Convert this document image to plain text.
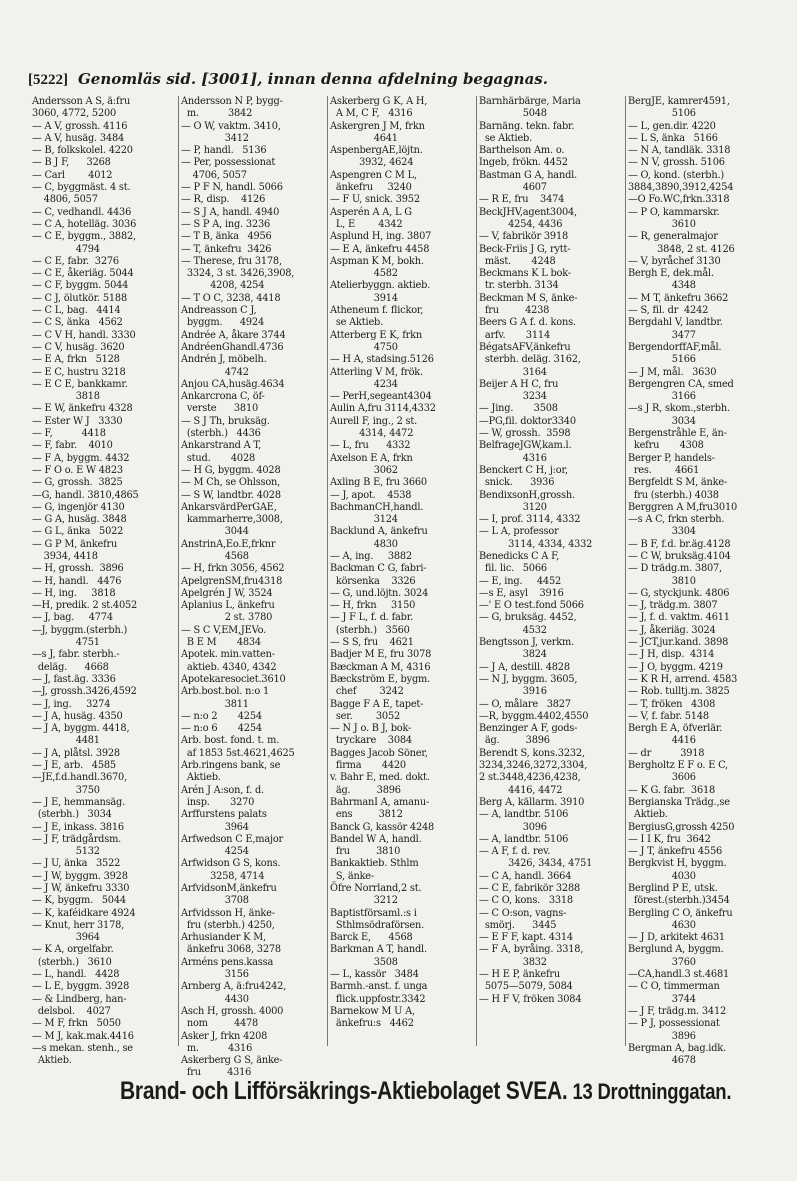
[5222] Genomläs sid. [3001], innan denna afdelning begagnas.
Andersson A S, ä:fru
3060, 4772, 5200
— A V, grossh. 4116
— A V, husäg. 3484
— B, folkskolel. 4220
— B J F,      3268
— Carl        4012
— C, byggmäst. 4 st.
4806, 5057
— C, vedhandl. 4436
— C A, hotelläg. 3036
— C E, byggm., 3882,
4794
— C E, fabr.  3276
— C E, åkeriäg. 5044
— C F, byggm. 5044
— C J, ölutkör. 5188
— C L, bag.   4414
— C S, änka   4562
— C V H, handl. 3330
— C V, husäg. 3620
— E A, frkn   5128
— E C, hustru 3218
— E C E, bankkamr.
3818
— E W, änkefru 4328
— Ester W J   3330
— F,          4418
— F, fabr.    4010
— F A, byggm. 4432
— F O o. E W 4823
— G, grossh.  3825
—G, handl. 3810,4865
— G, ingenjör 4130
— G A, husäg. 3848
— G L, änka   5022
— G P M, änkefru
3934, 4418
— H, grossh.  3896
— H, handl.   4476
— H, ing.     3818
—H, predik. 2 st.4052
— J, bag.     4774
—J, byggm.(sterbh.)
4751
—s J, fabr. sterbh.-
deläg.      4668
— J, fast.äg. 3336
—J, grossh.3426,4592
— J, ing.     3274
— J A, husäg. 4350
— J A, byggm. 4418,
4481
— J A, plåtsl. 3928
— J E, arb.   4585
—JE,f.d.handl.3670,
3750
— J E, hemmansäg.
(sterbh.)   3034
— J E, inkass. 3816
— J F, trädgårdsm.
5132
— J U, änka   3522
— J W, byggm. 3928
— J W, änkefru 3330
— K, byggm.   5044
— K, kaféidkare 4924
— Knut, herr 3178,
3964
— K A, orgelfabr.
(sterbh.)   3610
— L, handl.   4428
— L E, byggm. 3928
— & Lindberg, han-
delsbol.    4027
— M F, frkn   5050
— M J, kak.mak.4416
—s mekan. stenh., se
Aktieb.
Andersson N P, bygg-
m.          3842
— O W, vaktm. 3410,
3412
— P, handl.   5136
— Per, possessionat
4706, 5057
— P F N, handl. 5066
— R, disp.    4126
— S J A, handl. 4940
— S P A, ing. 3236
— T B, änka   4956
— T, änkefru  3426
— Therese, fru 3178,
3324, 3 st. 3426,3908,
4208, 4254
— T O C, 3238, 4418
Andreasson C J,
byggm.      4924
Andrée A, åkare 3744
AndréenGhandl.4736
Andrén J, möbelh.
4742
Anjou CA,husäg.4634
Ankarcrona C, öf-
verste      3810
— S J Th, bruksäg.
(sterbh.)   4436
Ankarstrand A T,
stud.       4028
— H G, byggm. 4028
— M Ch, se Ohlsson,
— S W, landtbr. 4028
AnkarsvärdPerGAE,
kammarherre,3008,
3044
AnstrinA,Eo.E,frknr
4568
— H, frkn 3056, 4562
ApelgrenSM,fru4318
Apelgrén J W, 3524
Aplanius L, änkefru
2 st. 3780
— S C V,EM,JEVo.
B E M       4834
Apotek. min.vatten-
aktieb. 4340, 4342
Apotekaresociet.3610
Arb.bost.bol. n:o 1
3811
— n:o 2       4254
— n:o 6       4254
Arb. bost. fond. t. m.
af 1853 5st.4621,4625
Arb.ringens bank, se
Aktieb.
Arén J A:son, f. d.
insp.       3270
Arffurstens palats
3964
Arfwedson C E,major
4254
Arfwidson G S, kons.
3258, 4714
ArfvidsonM,änkefru
3708
Arfvidsson H, änke-
fru (sterbh.) 4250,
Arhusiander K M,
änkefru 3068, 3278
Arméns pens.kassa
3156
Arnberg A, ä:fru4242,
4430
Asch H, grossh. 4000
nom         4478
Asker J, frkn 4208
m.          4316
Askerberg G S, änke-
fru         4316
Askerberg G K, A H,
A M, C F,   4316
Askergren J M, frkn
4641
AspenbergAE,löjtn.
3932, 4624
Aspengren C M L,
änkefru     3240
— F U, snick. 3952
Asperén A A, L G
L, E        4342
Asplund H, ing. 3807
— E A, änkefru 4458
Aspman K M, bokh.
4582
Atelierbyggn. aktieb.
3914
Atheneum f. flickor,
se Aktieb.
Atterberg E K, frkn
4750
— H A, stadsing.5126
Atterling V M, frök.
4234
— PerH,segeant4304
Aulin A,fru 3114,4332
Aurell F, ing., 2 st.
4314, 4472
— L, fru      4332
Axelson E A, frkn
3062
Axling B E, fru 3660
— J, apot.    4538
BachmanCH,handl.
3124
Backlund A, änkefru
4830
— A, ing.     3882
Backman C G, fabri-
körsenka    3326
— G, und.löjtn. 3024
— H, frkn     3150
— J F L, f. d. fabr.
(sterbh.)   3560
— S S, fru    4621
Badjer M E, fru 3078
Bæckman A M, 4316
Bæckström E, bygm.
chef        3242
Bagge F A E, tapet-
ser.        3052
— N J o. B J, bok-
tryckare    3084
Bagges Jacob Söner,
firma       4420
v. Bahr E, med. dokt.
äg.         3896
BahrmanI A, amanu-
ens         3812
Banck G, kassör 4248
Bandel W A, handl.
fru         3810
Bankaktieb. Sthlm
S, änke-
Öfre Norrland,2 st.
3212
Baptistförsaml.:s i
Sthlmsödraförsen.
Barck E,      4568
Barkman A T, handl.
3508
— L, kassör   3484
Barmh.-anst. f. unga
flick.uppfostr.3342
Barnekow M U A,
änkefru:s   4462
Barnhärbärge, Maria
5048
Barnäng. tekn. fabr.
se Aktieb.
Barthelson Am. o.
Ingeb, frökn. 4452
Bastman G A, handl.
4607
— R E, fru    3474
BeckJHV,agent3004,
4254, 4436
— V, fabrikör 3918
Beck-Friis J G, rytt-
mäst.       4248
Beckmans K L bok-
tr. sterbh. 3134
Beckman M S, änke-
fru         4238
Beers G A f. d. kons.
arfv.       3114
BégatsAFV,änkefru
sterbh. deläg. 3162,
3164
Beijer A H C, fru
3234
— Jing.       3508
—PG,fil. doktor3340
— W, grossh.  3598
BelfrageJGW,kam.l.
4316
Benckert C H, j:or,
snick.      3936
BendixsonH,grossh.
3120
— I, prof. 3114, 4332
— L A, professor
3114, 4334, 4332
Benedicks C A F,
fil. lic.   5066
— E, ing.     4452
—s E, asyl    3916
—' E O test.fond 5066
— G, bruksäg. 4452,
4532
Bengtsson J, verkm.
3824
— J A, destill. 4828
— N J, byggm. 3605,
3916
— O, målare   3827
—R, byggm.4402,4550
Benzinger A F, gods-
äg.         3896
Berendt S, kons.3232,
3234,3246,3272,3304,
2 st.3448,4236,4238,
4416, 4472
Berg A, källarm. 3910
— A, landtbr. 5106
3096
— A, landtbr. 5106
— A F, f. d. rev.
3426, 3434, 4751
— C A, handl. 3664
— C E, fabrikör 3288
— C O, kons.   3318
— C O:son, vagns-
smörj.      3445
— E F F, kapt. 4314
— F A, byråing. 3318,
3832
— H E P, änkefru
5075—5079, 5084
— H F V, fröken 3084
BergJE, kamrer4591,
5106
— L, gen.dir. 4220
— L S, änka   5166
— N A, tandläk. 3318
— N V, grossh. 5106
— O, kond. (sterbh.)
3884,3890,3912,4254
—O Fo.WC,frkn.3318
— P O, kammarskr.
3610
— R, generalmajor
3848, 2 st. 4126
— V, byråchef 3130
Bergh E, dek.mål.
4348
— M T, änkefru 3662
— S, fil. dr  4242
Bergdahl V, landtbr.
3477
BergendorffAF,mål.
5166
— J M, mål.   3630
Bergengren CA, smed
3166
—s J R, skom.,sterbh.
3034
Bergenstråhle E, än-
kefru       4308
Berger P, handels-
res.        4661
Bergfeldt S M, änke-
fru (sterbh.) 4038
Berggren A M,fru3010
—s A C, frkn sterbh.
3304
— B F, f.d. br.äg.4128
— C W, bruksäg.4104
— D trädg.m. 3807,
3810
— G, styckjunk. 4806
— J, trädg.m. 3807
— J, f. d. vaktm. 4611
— J, åkeriäg. 3024
— JCT,jur.kand. 3898
— J H, disp.  4314
— J O, byggm. 4219
— K R H, arrend. 4583
— Rob. tulltj.m. 3825
— T, fröken   4308
— V, f. fabr. 5148
Bergh E A, öfverlär.
4416
— dr          3918
Bergholtz E F o. E C,
3606
— K G. fabr.  3618
Bergianska Trädg.,se
Aktieb.
BergiusG,grossh 4250
— I I K, fru  3642
— J T, änkefru 4556
Bergkvist H, byggm.
4030
Berglind P E, utsk.
förest.(sterbh.)3454
Bergling C O, änkefru
4630
— J D, arkitekt 4631
Berglund A, byggm.
3760
—CA,handl.3 st.4681
— C O, timmerman
3744
— J F, trädg.m. 3412
— P J, possessionat
3896
Bergman A, bag.idk.
4678
Brand- och Lifförsäkrings-Aktiebolaget SVEA. 13 Drottninggatan.
